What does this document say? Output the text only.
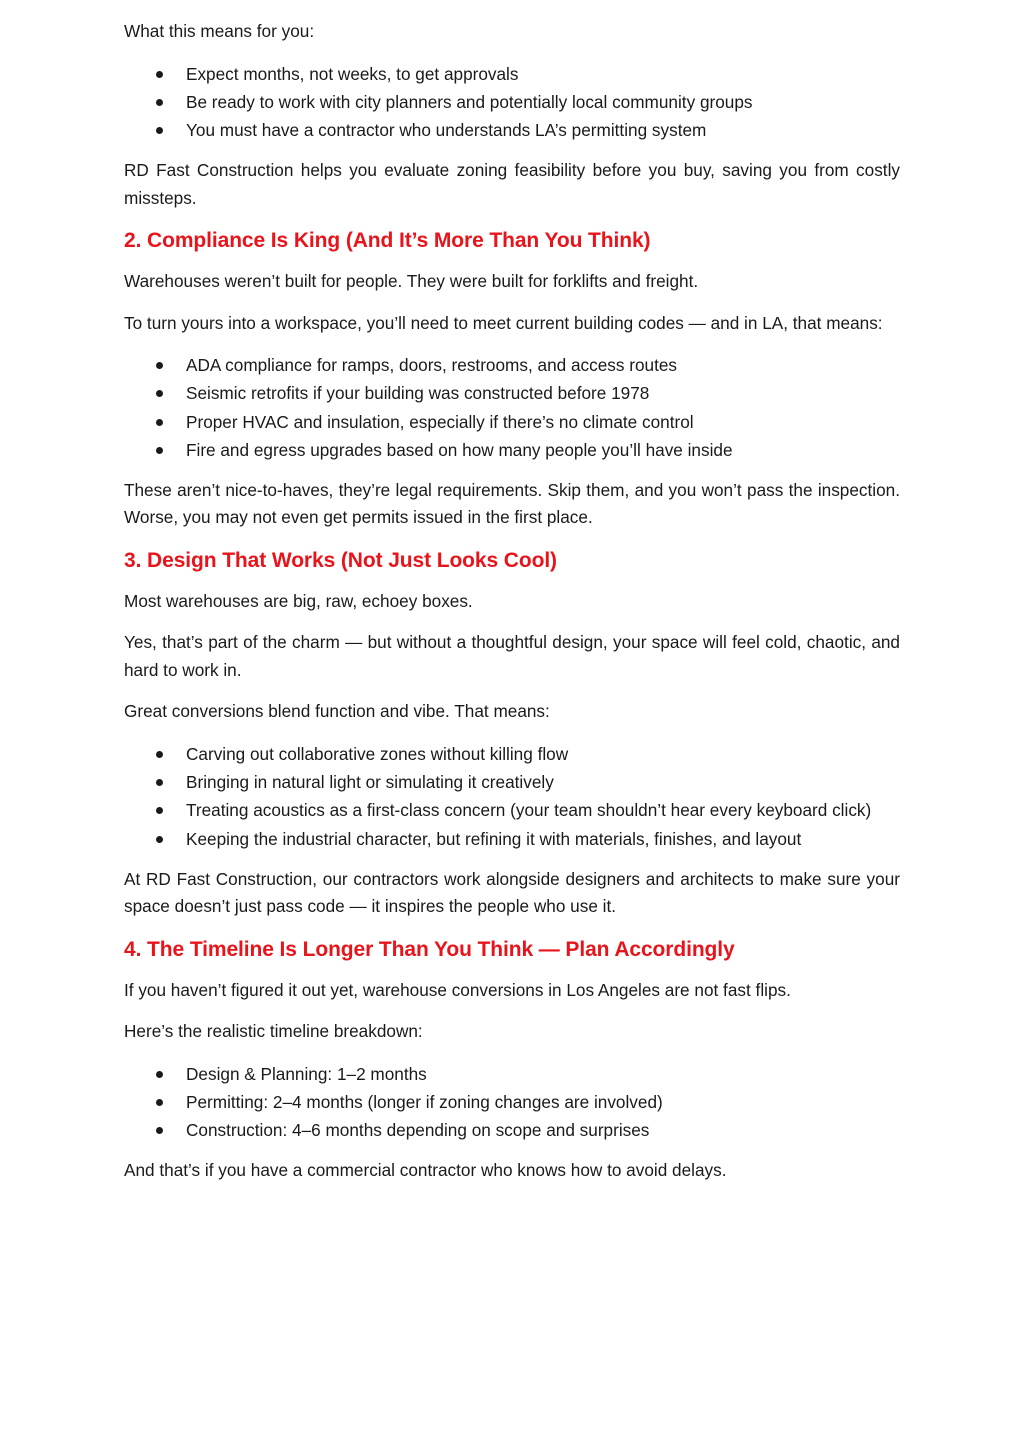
What this means for you:

Expect months, not weeks, to get approvals
Be ready to work with city planners and potentially local community groups
You must have a contractor who understands LA’s permitting system

RD Fast Construction helps you evaluate zoning feasibility before you buy, saving you from costly missteps.

2. Compliance Is King (And It’s More Than You Think)

Warehouses weren’t built for people. They were built for forklifts and freight.

To turn yours into a workspace, you’ll need to meet current building codes — and in LA, that means:

ADA compliance for ramps, doors, restrooms, and access routes
Seismic retrofits if your building was constructed before 1978
Proper HVAC and insulation, especially if there’s no climate control
Fire and egress upgrades based on how many people you’ll have inside

These aren’t nice-to-haves, they’re legal requirements. Skip them, and you won’t pass the inspection. Worse, you may not even get permits issued in the first place.

3. Design That Works (Not Just Looks Cool)

Most warehouses are big, raw, echoey boxes.

Yes, that’s part of the charm — but without a thoughtful design, your space will feel cold, chaotic, and hard to work in.

Great conversions blend function and vibe. That means:

Carving out collaborative zones without killing flow
Bringing in natural light or simulating it creatively
Treating acoustics as a first-class concern (your team shouldn’t hear every keyboard click)
Keeping the industrial character, but refining it with materials, finishes, and layout

At RD Fast Construction, our contractors work alongside designers and architects to make sure your space doesn’t just pass code — it inspires the people who use it.

4. The Timeline Is Longer Than You Think — Plan Accordingly

If you haven’t figured it out yet, warehouse conversions in Los Angeles are not fast flips.

Here’s the realistic timeline breakdown:

Design & Planning: 1–2 months
Permitting: 2–4 months (longer if zoning changes are involved)
Construction: 4–6 months depending on scope and surprises

And that’s if you have a commercial contractor who knows how to avoid delays.
